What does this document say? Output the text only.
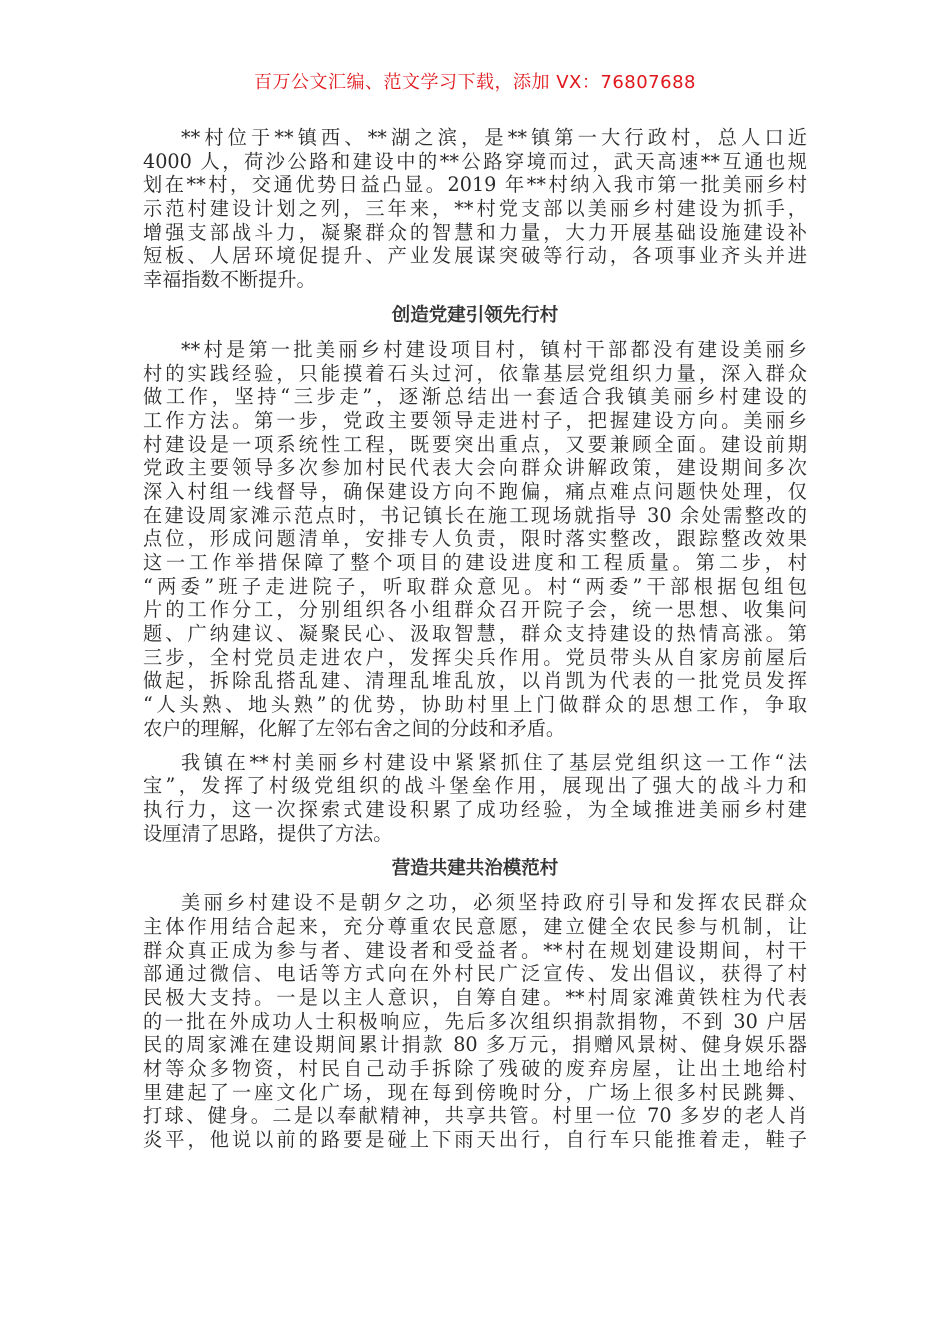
百万公文汇编、范文学习下载，添加 VX：76807688
**村位于**镇西、**湖之滨，是**镇第一大行政村，总人口近
4000 人，荷沙公路和建设中的**公路穿境而过，武天高速**互通也规
划在**村，交通优势日益凸显。2019 年**村纳入我市第一批美丽乡村
示范村建设计划之列，三年来，**村党支部以美丽乡村建设为抓手，
增强支部战斗力，凝聚群众的智慧和力量，大力开展基础设施建设补
短板、人居环境促提升、产业发展谋突破等行动，各项事业齐头并进
幸福指数不断提升。
创造党建引领先行村
**村是第一批美丽乡村建设项目村，镇村干部都没有建设美丽乡
村的实践经验，只能摸着石头过河，依靠基层党组织力量，深入群众
做工作，坚持“三步走”，逐渐总结出一套适合我镇美丽乡村建设的
工作方法。第一步，党政主要领导走进村子，把握建设方向。美丽乡
村建设是一项系统性工程，既要突出重点，又要兼顾全面。建设前期
党政主要领导多次参加村民代表大会向群众讲解政策，建设期间多次
深入村组一线督导，确保建设方向不跑偏，痛点难点问题快处理，仅
在建设周家滩示范点时，书记镇长在施工现场就指导 30 余处需整改的
点位，形成问题清单，安排专人负责，限时落实整改，跟踪整改效果
这一工作举措保障了整个项目的建设进度和工程质量。第二步，村
“两委”班子走进院子，听取群众意见。村“两委”干部根据包组包
片的工作分工，分别组织各小组群众召开院子会，统一思想、收集问
题、广纳建议、凝聚民心、汲取智慧，群众支持建设的热情高涨。第
三步，全村党员走进农户，发挥尖兵作用。党员带头从自家房前屋后
做起，拆除乱搭乱建、清理乱堆乱放，以肖凯为代表的一批党员发挥
“人头熟、地头熟”的优势，协助村里上门做群众的思想工作，争取
农户的理解，化解了左邻右舍之间的分歧和矛盾。
我镇在**村美丽乡村建设中紧紧抓住了基层党组织这一工作“法
宝”，发挥了村级党组织的战斗堡垒作用，展现出了强大的战斗力和
执行力，这一次探索式建设积累了成功经验，为全域推进美丽乡村建
设厘清了思路，提供了方法。
营造共建共治模范村
美丽乡村建设不是朝夕之功，必须坚持政府引导和发挥农民群众
主体作用结合起来，充分尊重农民意愿，建立健全农民参与机制，让
群众真正成为参与者、建设者和受益者。**村在规划建设期间，村干
部通过微信、电话等方式向在外村民广泛宣传、发出倡议，获得了村
民极大支持。一是以主人意识，自筹自建。**村周家滩黄铁柱为代表
的一批在外成功人士积极响应，先后多次组织捐款捐物，不到 30 户居
民的周家滩在建设期间累计捐款 80 多万元，捐赠风景树、健身娱乐器
材等众多物资，村民自己动手拆除了残破的废弃房屋，让出土地给村
里建起了一座文化广场，现在每到傍晚时分，广场上很多村民跳舞、
打球、健身。二是以奉献精神，共享共管。村里一位 70 多岁的老人肖
炎平，他说以前的路要是碰上下雨天出行，自行车只能推着走，鞋子
